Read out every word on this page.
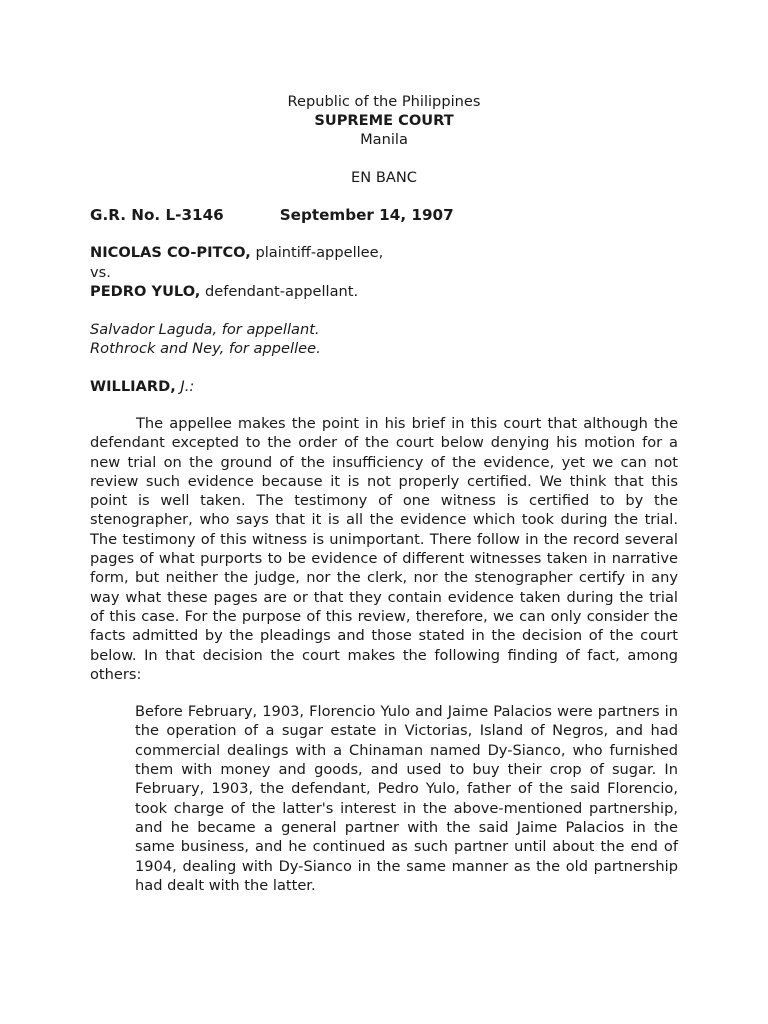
Republic of the Philippines
SUPREME COURT
Manila
EN BANC
G.R. No. L-3146	September 14, 1907
NICOLAS CO-PITCO, plaintiff-appellee,
vs.
PEDRO YULO, defendant-appellant.
Salvador Laguda, for appellant.
Rothrock and Ney, for appellee.
WILLIARD, J.:

The appellee makes the point in his brief in this court that although the defendant excepted to the order of the court below denying his motion for a new trial on the ground of the insufficiency of the evidence, yet we can not review such evidence because it is not properly certified. We think that this point is well taken. The testimony of one witness is certified to by the stenographer, who says that it is all the evidence which took during the trial. The testimony of this witness is unimportant. There follow in the record several pages of what purports to be evidence of different witnesses taken in narrative form, but neither the judge, nor the clerk, nor the stenographer certify in any way what these pages are or that they contain evidence taken during the trial of this case. For the purpose of this review, therefore, we can only consider the facts admitted by the pleadings and those stated in the decision of the court below. In that decision the court makes the following finding of fact, among others:

Before February, 1903, Florencio Yulo and Jaime Palacios were partners in the operation of a sugar estate in Victorias, Island of Negros, and had commercial dealings with a Chinaman named Dy-Sianco, who furnished them with money and goods, and used to buy their crop of sugar. In February, 1903, the defendant, Pedro Yulo, father of the said Florencio, took charge of the latter's interest in the above-mentioned partnership, and he became a general partner with the said Jaime Palacios in the same business, and he continued as such partner until about the end of 1904, dealing with Dy-Sianco in the same manner as the old partnership had dealt with the latter.
